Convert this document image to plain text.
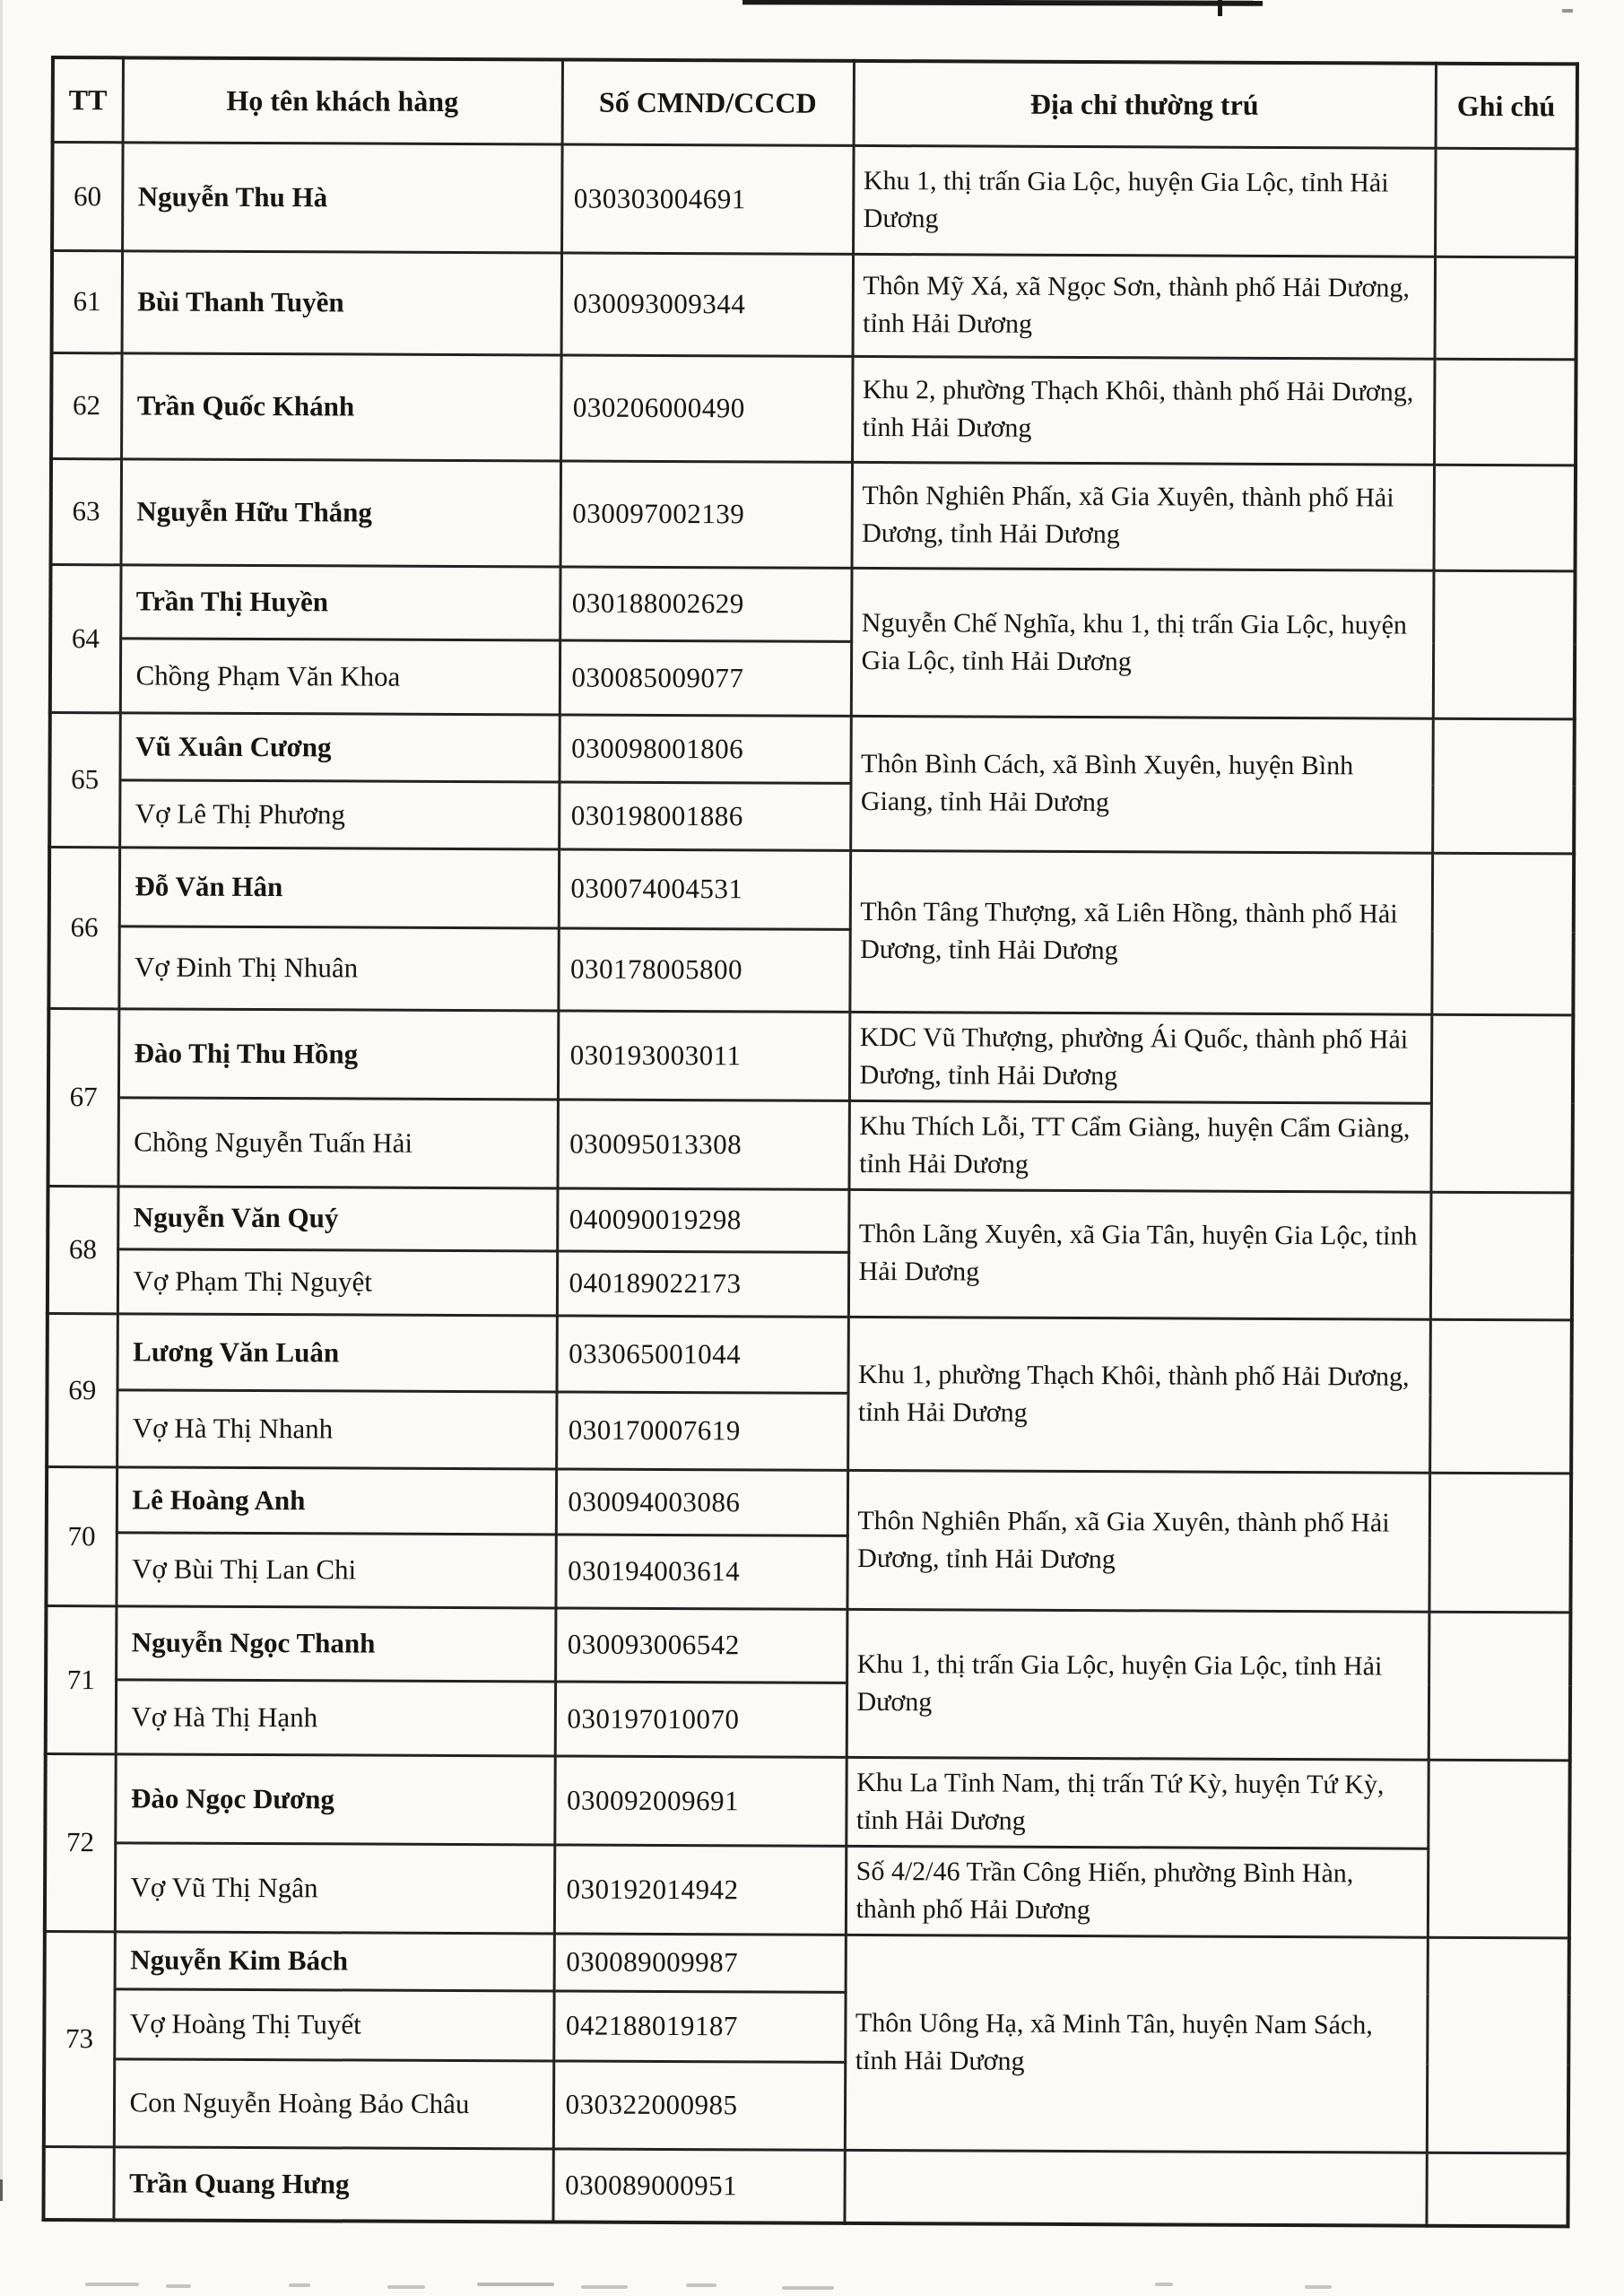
TT	Họ tên khách hàng	Số CMND/CCCD	Địa chỉ thường trú	Ghi chú
60	Nguyễn Thu Hà	030303004691	Khu 1, thị trấn Gia Lộc, huyện Gia Lộc, tỉnh Hải Dương	
61	Bùi Thanh Tuyền	030093009344	Thôn Mỹ Xá, xã Ngọc Sơn, thành phố Hải Dương, tỉnh Hải Dương	
62	Trần Quốc Khánh	030206000490	Khu 2, phường Thạch Khôi, thành phố Hải Dương, tỉnh Hải Dương	
63	Nguyễn Hữu Thắng	030097002139	Thôn Nghiên Phấn, xã Gia Xuyên, thành phố Hải Dương, tỉnh Hải Dương	
64	Trần Thị Huyền	030188002629	Nguyễn Chế Nghĩa, khu 1, thị trấn Gia Lộc, huyện Gia Lộc, tỉnh Hải Dương	
	Chồng Phạm Văn Khoa	030085009077		
65	Vũ Xuân Cương	030098001806	Thôn Bình Cách, xã Bình Xuyên, huyện Bình Giang, tỉnh Hải Dương	
	Vợ Lê Thị Phương	030198001886		
66	Đỗ Văn Hân	030074004531	Thôn Tâng Thượng, xã Liên Hồng, thành phố Hải Dương, tỉnh Hải Dương	
	Vợ Đinh Thị Nhuân	030178005800		
67	Đào Thị Thu Hồng	030193003011	KDC Vũ Thượng, phường Ái Quốc, thành phố Hải Dương, tỉnh Hải Dương	
	Chồng Nguyễn Tuấn Hải	030095013308	Khu Thích Lỗi, TT Cẩm Giàng, huyện Cẩm Giàng, tỉnh Hải Dương	
68	Nguyễn Văn Quý	040090019298	Thôn Lãng Xuyên, xã Gia Tân, huyện Gia Lộc, tỉnh Hải Dương	
	Vợ Phạm Thị Nguyệt	040189022173		
69	Lương Văn Luân	033065001044	Khu 1, phường Thạch Khôi, thành phố Hải Dương, tỉnh Hải Dương	
	Vợ Hà Thị Nhanh	030170007619		
70	Lê Hoàng Anh	030094003086	Thôn Nghiên Phấn, xã Gia Xuyên, thành phố Hải Dương, tỉnh Hải Dương	
	Vợ Bùi Thị Lan Chi	030194003614		
71	Nguyễn Ngọc Thanh	030093006542	Khu 1, thị trấn Gia Lộc, huyện Gia Lộc, tỉnh Hải Dương	
	Vợ Hà Thị Hạnh	030197010070		
72	Đào Ngọc Dương	030092009691	Khu La Tỉnh Nam, thị trấn Tứ Kỳ, huyện Tứ Kỳ, tỉnh Hải Dương	
	Vợ Vũ Thị Ngân	030192014942	Số 4/2/46 Trần Công Hiến, phường Bình Hàn, thành phố Hải Dương	
73	Nguyễn Kim Bách	030089009987	Thôn Uông Hạ, xã Minh Tân, huyện Nam Sách, tỉnh Hải Dương	
	Vợ Hoàng Thị Tuyết	042188019187		
	Con Nguyễn Hoàng Bảo Châu	030322000985		
	Trần Quang Hưng	030089000951		
